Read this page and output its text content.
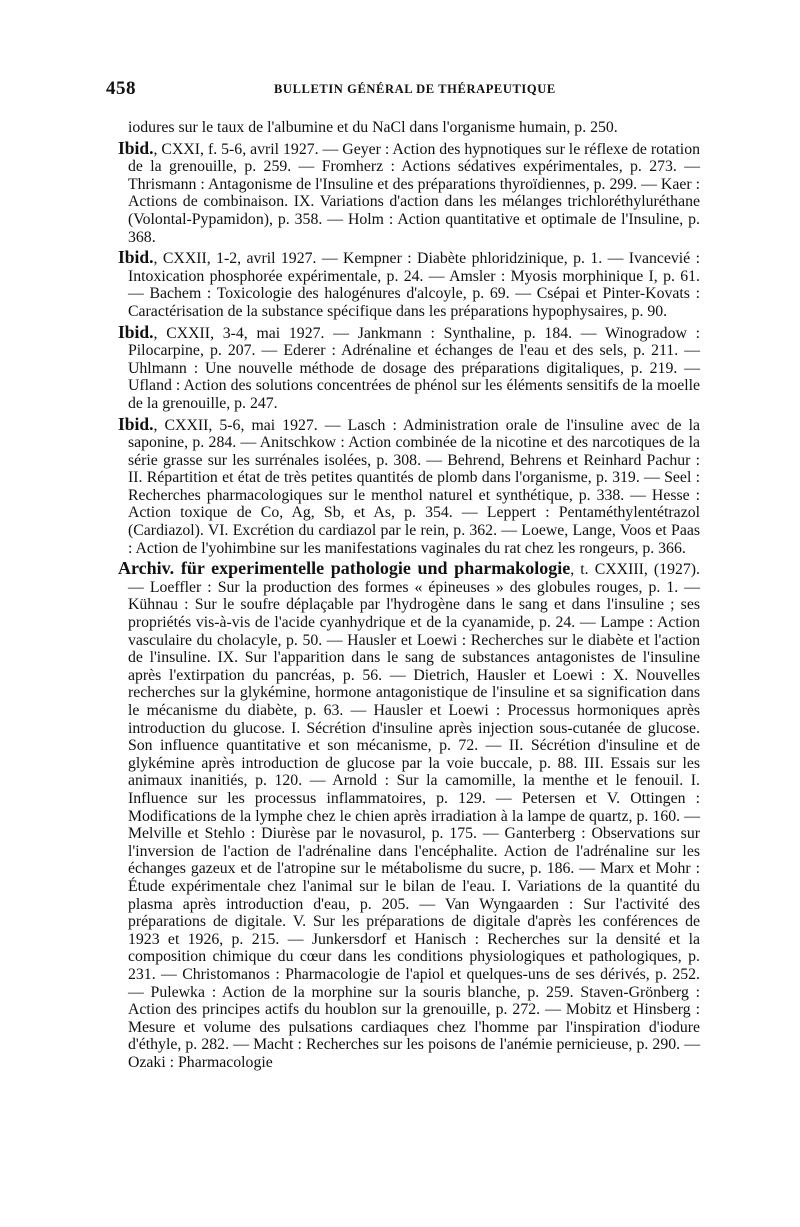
458	BULLETIN GÉNÉRAL DE THÉRAPEUTIQUE

iodures sur le taux de l'albumine et du NaCl dans l'organisme humain, p. 250.

Ibid., CXXI, f. 5-6, avril 1927. — Geyer : Action des hypnotiques sur le réflexe de rotation de la grenouille, p. 259. — Fromherz : Actions sédatives expérimentales, p. 273. — Thrismann : Antagonisme de l'Insuline et des préparations thyroïdiennes, p. 299. — Kaer : Actions de combinaison. IX. Variations d'action dans les mélanges trichloréthyluréthane (Volontal-Pypamidon), p. 358. — Holm : Action quantitative et optimale de l'Insuline, p. 368.

Ibid., CXXII, 1-2, avril 1927. — Kempner : Diabète phloridzinique, p. 1. — Ivancevié : Intoxication phosphorée expérimentale, p. 24. — Amsler : Myosis morphinique I, p. 61. — Bachem : Toxicologie des halogénures d'alcoyle, p. 69. — Csépai et Pinter-Kovats : Caractérisation de la substance spécifique dans les préparations hypophysaires, p. 90.

Ibid., CXXII, 3-4, mai 1927. — Jankmann : Synthaline, p. 184. — Winogradow : Pilocarpine, p. 207. — Ederer : Adrénaline et échanges de l'eau et des sels, p. 211. — Uhlmann : Une nouvelle méthode de dosage des préparations digitaliques, p. 219. — Ufland : Action des solutions concentrées de phénol sur les éléments sensitifs de la moelle de la grenouille, p. 247.

Ibid., CXXII, 5-6, mai 1927. — Lasch : Administration orale de l'insuline avec de la saponine, p. 284. — Anitschkow : Action combinée de la nicotine et des narcotiques de la série grasse sur les surrénales isolées, p. 308. — Behrend, Behrens et Reinhard Pachur : II. Répartition et état de très petites quantités de plomb dans l'organisme, p. 319. — Seel : Recherches pharmacologiques sur le menthol naturel et synthétique, p. 338. — Hesse : Action toxique de Co, Ag, Sb, et As, p. 354. — Leppert : Pentaméthylentétrazol (Cardiazol). VI. Excrétion du cardiazol par le rein, p. 362. — Loewe, Lange, Voos et Paas : Action de l'yohimbine sur les manifestations vaginales du rat chez les rongeurs, p. 366.

Archiv. für experimentelle pathologie und pharmakologie, t. CXXIII, (1927). — Loeffler : Sur la production des formes « épineuses » des globules rouges, p. 1. — Kühnau : Sur le soufre déplaçable par l'hydrogène dans le sang et dans l'insuline ; ses propriétés vis-à-vis de l'acide cyanhydrique et de la cyanamide, p. 24. — Lampe : Action vasculaire du cholacyle, p. 50. — Hausler et Loewi : Recherches sur le diabète et l'action de l'insuline. IX. Sur l'apparition dans le sang de substances antagonistes de l'insuline après l'extirpation du pancréas, p. 56. — Dietrich, Hausler et Loewi : X. Nouvelles recherches sur la glykémine, hormone antagonistique de l'insuline et sa signification dans le mécanisme du diabète, p. 63. — Hausler et Loewi : Processus hormoniques après introduction du glucose. I. Sécrétion d'insuline après injection sous-cutanée de glucose. Son influence quantitative et son mécanisme, p. 72. — II. Sécrétion d'insuline et de glykémine après introduction de glucose par la voie buccale, p. 88. III. Essais sur les animaux inanitiés, p. 120. — Arnold : Sur la camomille, la menthe et le fenouil. I. Influence sur les processus inflammatoires, p. 129. — Petersen et V. Ottingen : Modifications de la lymphe chez le chien après irradiation à la lampe de quartz, p. 160. — Melville et Stehlo : Diurèse par le novasurol, p. 175. — Ganterberg : Observations sur l'inversion de l'action de l'adrénaline dans l'encéphalite. Action de l'adrénaline sur les échanges gazeux et de l'atropine sur le métabolisme du sucre, p. 186. — Marx et Mohr : Étude expérimentale chez l'animal sur le bilan de l'eau. I. Variations de la quantité du plasma après introduction d'eau, p. 205. — Van Wyngaarden : Sur l'activité des préparations de digitale. V. Sur les préparations de digitale d'après les conférences de 1923 et 1926, p. 215. — Junkersdorf et Hanisch : Recherches sur la densité et la composition chimique du cœur dans les conditions physiologiques et pathologiques, p. 231. — Christomanos : Pharmacologie de l'apiol et quelques-uns de ses dérivés, p. 252. — Pulewka : Action de la morphine sur la souris blanche, p. 259. Staven-Grönberg : Action des principes actifs du houblon sur la grenouille, p. 272. — Mobitz et Hinsberg : Mesure et volume des pulsations cardiaques chez l'homme par l'inspiration d'iodure d'éthyle, p. 282. — Macht : Recherches sur les poisons de l'anémie pernicieuse, p. 290. — Ozaki : Pharmacologie
